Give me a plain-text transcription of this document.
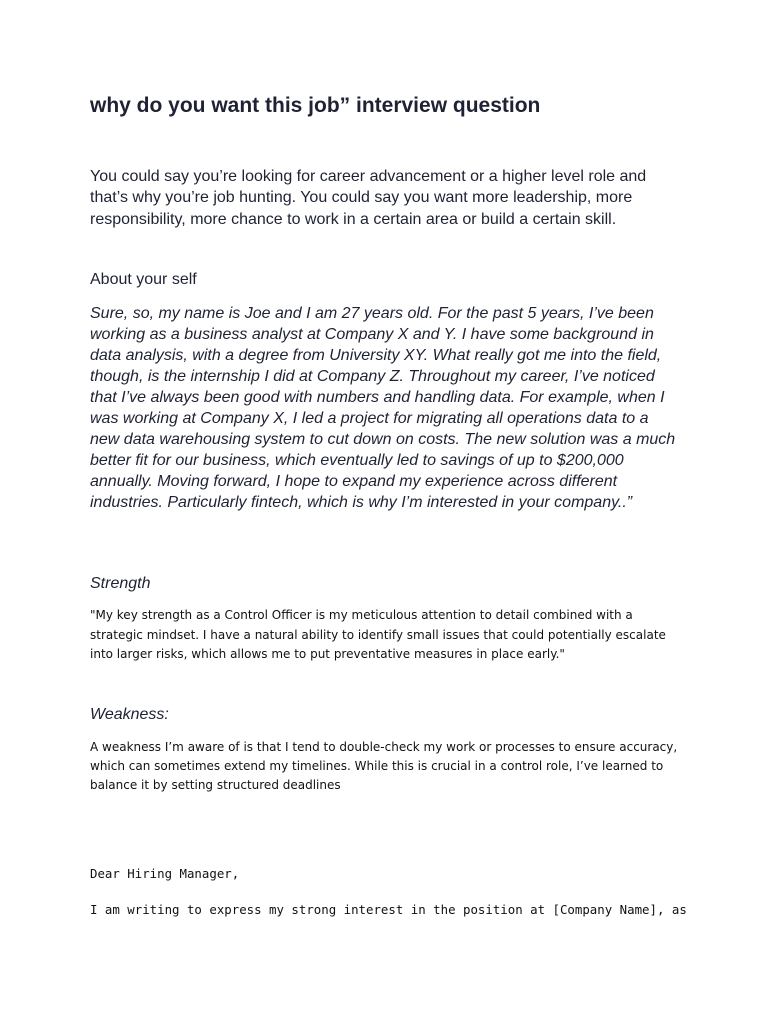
why do you want this job” interview question

You could say you’re looking for career advancement or a higher level role and that’s why you’re job hunting. You could say you want more leadership, more responsibility, more chance to work in a certain area or build a certain skill.

About your self

Sure, so, my name is Joe and I am 27 years old. For the past 5 years, I’ve been working as a business analyst at Company X and Y. I have some background in data analysis, with a degree from University XY. What really got me into the field, though, is the internship I did at Company Z. Throughout my career, I’ve noticed that I’ve always been good with numbers and handling data. For example, when I was working at Company X, I led a project for migrating all operations data to a new data warehousing system to cut down on costs. The new solution was a much better fit for our business, which eventually led to savings of up to $200,000 annually. Moving forward, I hope to expand my experience across different industries. Particularly fintech, which is why I’m interested in your company..”

Strength

"My key strength as a Control Officer is my meticulous attention to detail combined with a strategic mindset. I have a natural ability to identify small issues that could potentially escalate into larger risks, which allows me to put preventative measures in place early."

Weakness:

A weakness I’m aware of is that I tend to double-check my work or processes to ensure accuracy, which can sometimes extend my timelines. While this is crucial in a control role, I’ve learned to balance it by setting structured deadlines

Dear Hiring Manager,
I am writing to express my strong interest in the position at [Company Name], as
